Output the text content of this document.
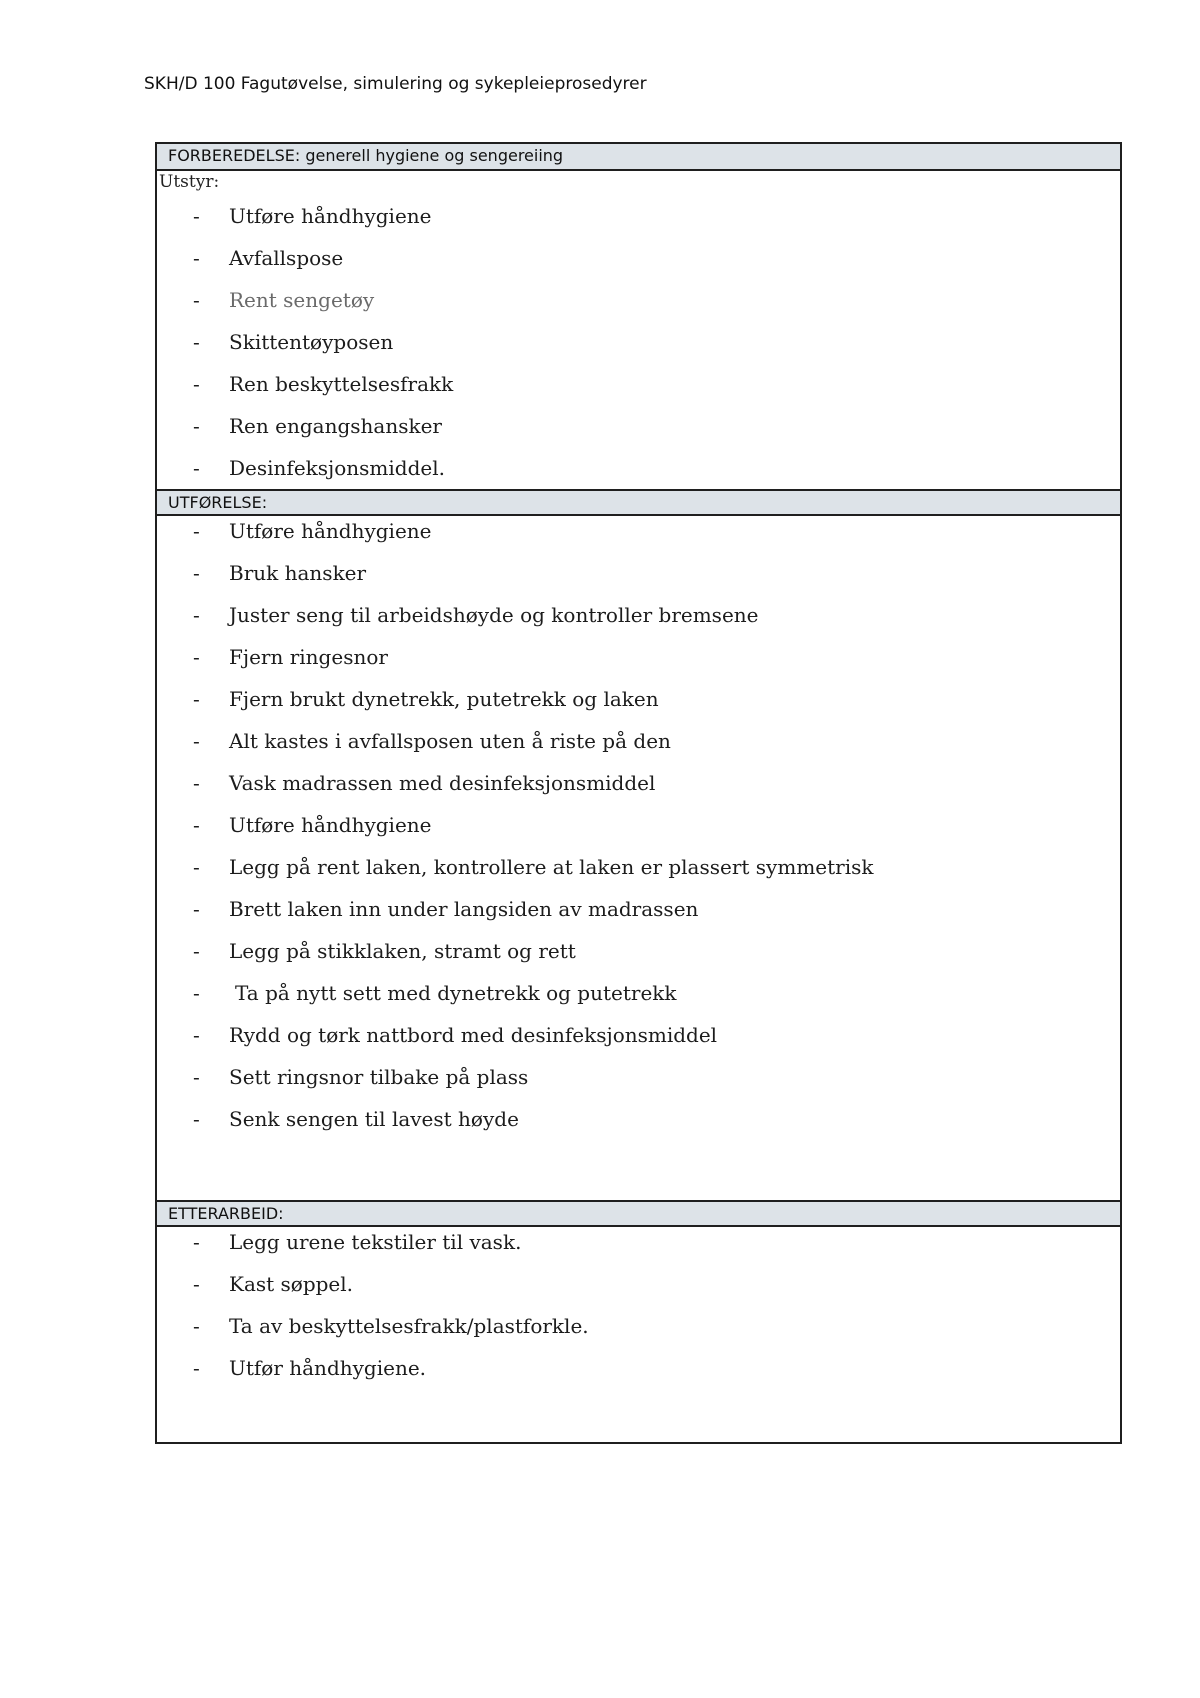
SKH/D 100 Fagutøvelse, simulering og sykepleieprosedyrer
FORBEREDELSE: generell hygiene og sengereiing
Utstyr:
- Utføre håndhygiene
- Avfallspose
- Rent sengetøy
- Skittentøyposen
- Ren beskyttelsesfrakk
- Ren engangshansker
- Desinfeksjonsmiddel.
UTFØRELSE:
- Utføre håndhygiene
- Bruk hansker
- Juster seng til arbeidshøyde og kontroller bremsene
- Fjern ringesnor
- Fjern brukt dynetrekk, putetrekk og laken
- Alt kastes i avfallsposen uten å riste på den
- Vask madrassen med desinfeksjonsmiddel
- Utføre håndhygiene
- Legg på rent laken, kontrollere at laken er plassert symmetrisk
- Brett laken inn under langsiden av madrassen
- Legg på stikklaken, stramt og rett
- Ta på nytt sett med dynetrekk og putetrekk
- Rydd og tørk nattbord med desinfeksjonsmiddel
- Sett ringsnor tilbake på plass
- Senk sengen til lavest høyde
ETTERARBEID:
- Legg urene tekstiler til vask.
- Kast søppel.
- Ta av beskyttelsesfrakk/plastforkle.
- Utfør håndhygiene.
